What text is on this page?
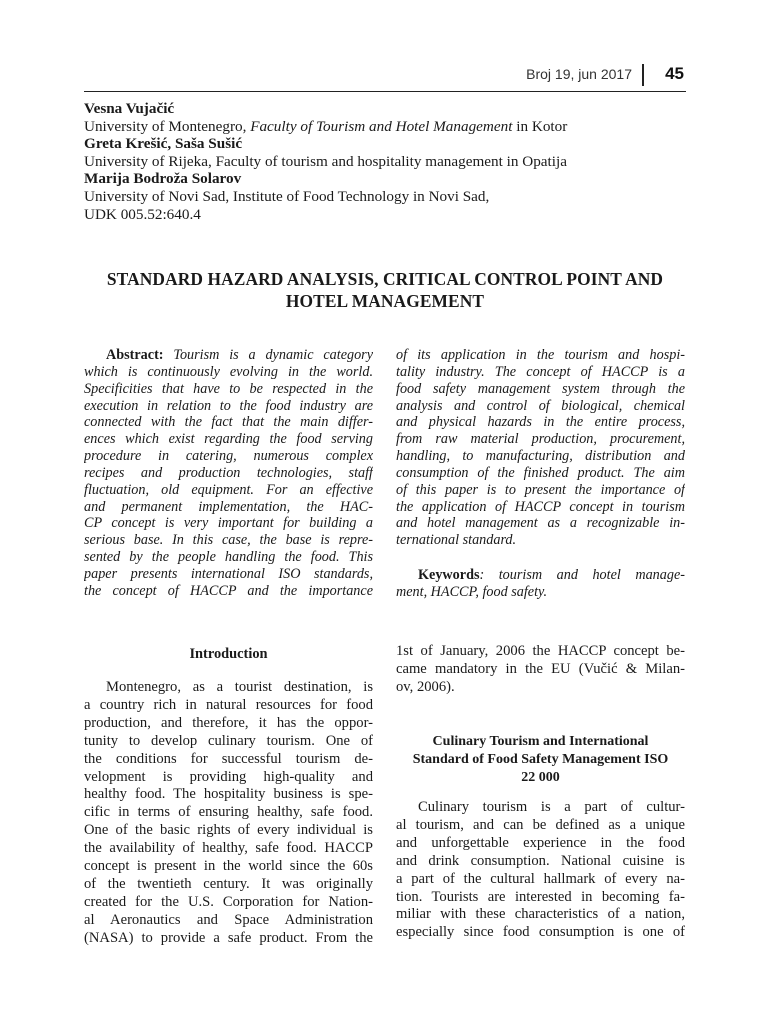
Broj 19, jun 2017 45
Vesna Vujačić
University of Montenegro, Faculty of Tourism and Hotel Management in Kotor
Greta Krešić, Saša Sušić
University of Rijeka, Faculty of tourism and hospitality management in Opatija
Marija Bodroža Solarov
University of Novi Sad, Institute of Food Technology in Novi Sad,
UDK 005.52:640.4
STANDARD HAZARD ANALYSIS, CRITICAL CONTROL POINT AND
HOTEL MANAGEMENT
Abstract: Tourism is a dynamic category
which is continuously evolving in the world.
Specificities that have to be respected in the
execution in relation to the food industry are
connected with the fact that the main differ-
ences which exist regarding the food serving
procedure in catering, numerous complex
recipes and production technologies, staff
fluctuation, old equipment. For an effective
and permanent implementation, the HAC-
CP concept is very important for building a
serious base. In this case, the base is repre-
sented by the people handling the food. This
paper presents international ISO standards,
the concept of HACCP and the importance
of its application in the tourism and hospi-
tality industry. The concept of HACCP is a
food safety management system through the
analysis and control of biological, chemical
and physical hazards in the entire process,
from raw material production, procurement,
handling, to manufacturing, distribution and
consumption of the finished product. The aim
of this paper is to present the importance of
the application of HACCP concept in tourism
and hotel management as a recognizable in-
ternational standard.
Keywords: tourism and hotel manage-
ment, HACCP, food safety.
Introduction
Montenegro, as a tourist destination, is
a country rich in natural resources for food
production, and therefore, it has the oppor-
tunity to develop culinary tourism. One of
the conditions for successful tourism de-
velopment is providing high-quality and
healthy food. The hospitality business is spe-
cific in terms of ensuring healthy, safe food.
One of the basic rights of every individual is
the availability of healthy, safe food. HACCP
concept is present in the world since the 60s
of the twentieth century. It was originally
created for the U.S. Corporation for Nation-
al Aeronautics and Space Administration
(NASA) to provide a safe product. From the
1st of January, 2006 the HACCP concept be-
came mandatory in the EU (Vučić & Milan-
ov, 2006).
Culinary Tourism and International
Standard of Food Safety Management ISO
22 000
Culinary tourism is a part of cultur-
al tourism, and can be defined as a unique
and unforgettable experience in the food
and drink consumption. National cuisine is
a part of the cultural hallmark of every na-
tion. Tourists are interested in becoming fa-
miliar with these characteristics of a nation,
especially since food consumption is one of
